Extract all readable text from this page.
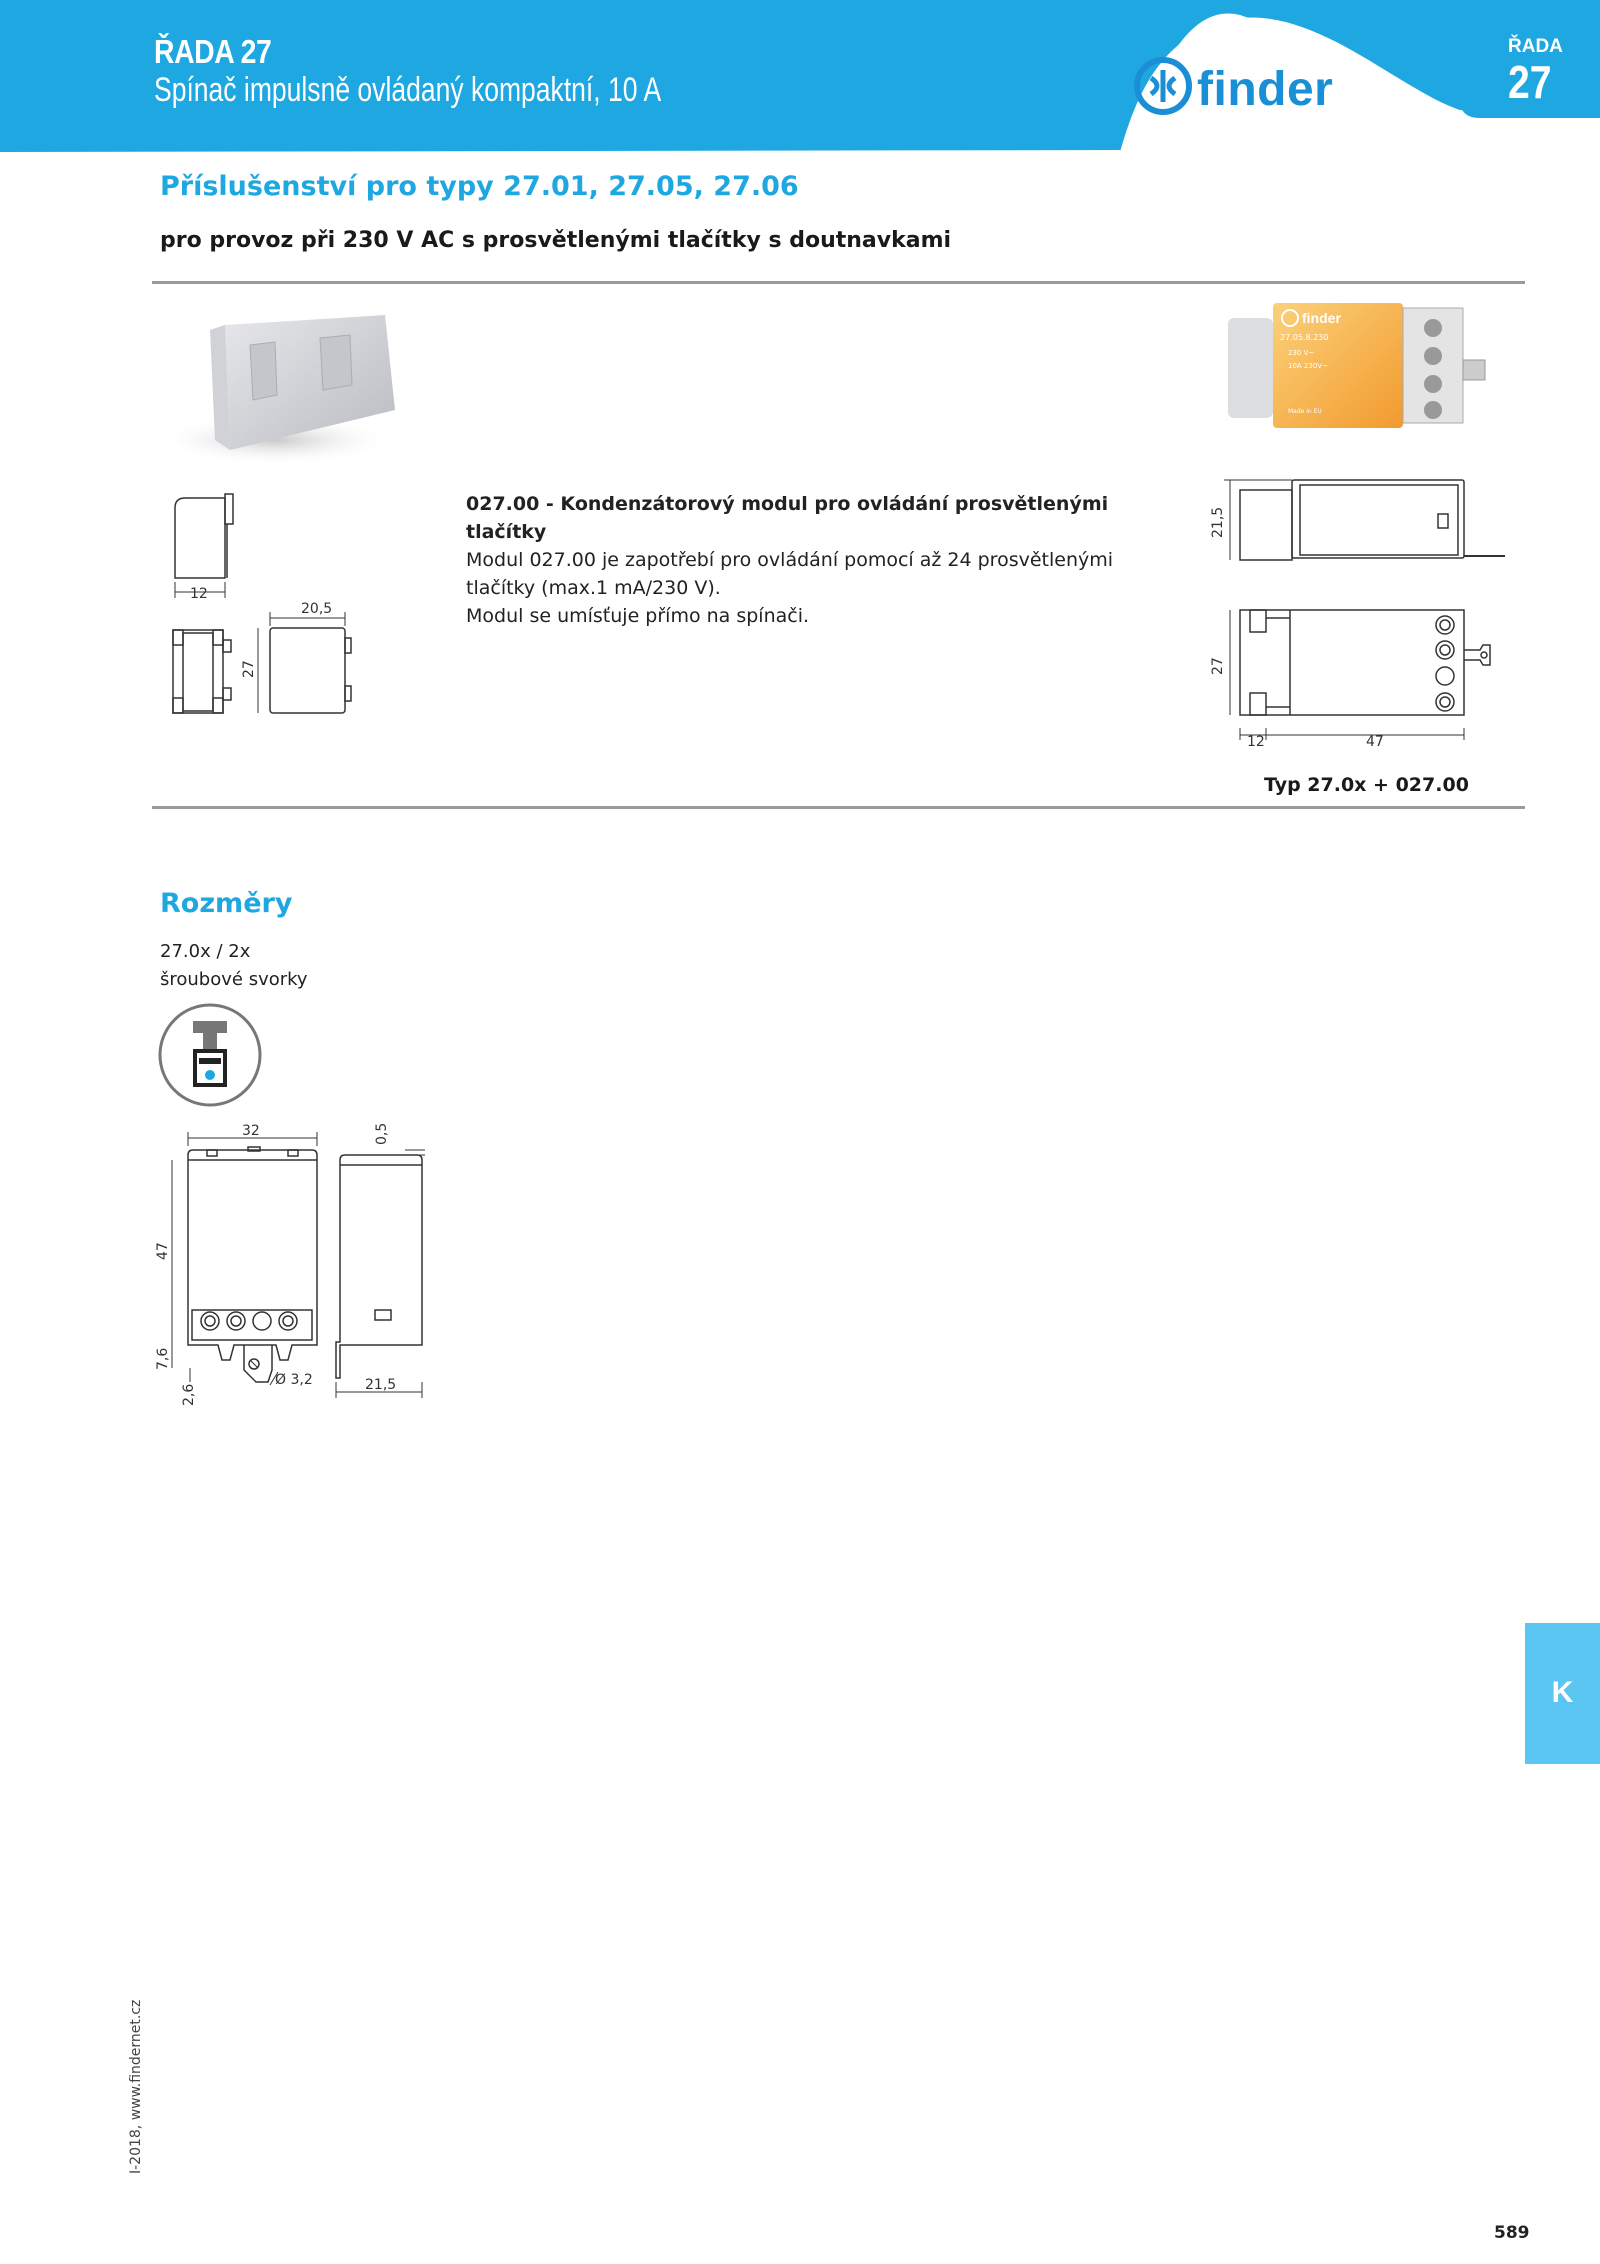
ŘADA 27
Spínač impulsně ovládaný kompaktní, 10 A	finder
ŘADA
27
Příslušenství pro typy 27.01, 27.05, 27.06
pro provoz při 230 V AC s prosvětlenými tlačítky s doutnavkami
finder
27.05.8.230
230 V~
10A 230V~
Made in EU
12
20,5
27
027.00 - Kondenzátorový modul pro ovládání prosvětlenými tlačítky
Modul 027.00 je zapotřebí pro ovládání pomocí až 24 prosvětlenými
tlačítky (max.1 mA/230 V).
Modul se umísťuje přímo na spínači.
21,5
27
12	47
Typ 27.0x + 027.00
Rozměry
27.0x / 2x
šroubové svorky
32	0,5
47
7,6
2,6
Ø 3,2	21,5
K
I-2018, www.findernet.cz
589
